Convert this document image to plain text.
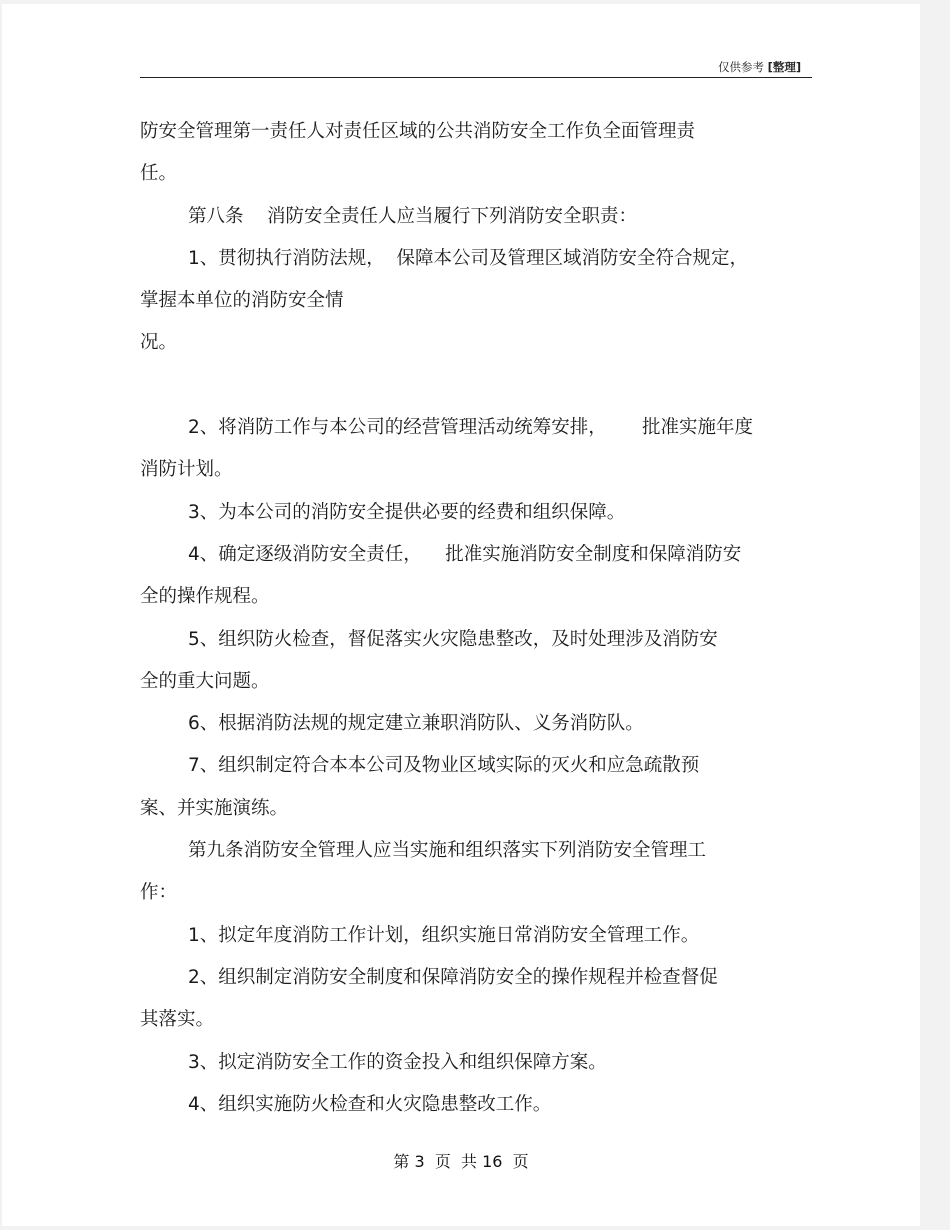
仅供参考 [整理]

防安全管理第一责任人对责任区域的公共消防安全工作负全面管理责

任。

第八条    消防安全责任人应当履行下列消防安全职责：

1、贯彻执行消防法规，  保障本公司及管理区域消防安全符合规定，

掌握本单位的消防安全情

况。

2、将消防工作与本公司的经营管理活动统筹安排，      批准实施年度

消防计划。

3、为本公司的消防安全提供必要的经费和组织保障。

4、确定逐级消防安全责任，    批准实施消防安全制度和保障消防安

全的操作规程。

5、组织防火检查，督促落实火灾隐患整改，及时处理涉及消防安

全的重大问题。

6、根据消防法规的规定建立兼职消防队、义务消防队。

7、组织制定符合本本公司及物业区域实际的灭火和应急疏散预

案、并实施演练。

第九条消防安全管理人应当实施和组织落实下列消防安全管理工

作：

1、拟定年度消防工作计划，组织实施日常消防安全管理工作。

2、组织制定消防安全制度和保障消防安全的操作规程并检查督促

其落实。

3、拟定消防安全工作的资金投入和组织保障方案。

4、组织实施防火检查和火灾隐患整改工作。

第 3  页  共 16  页
